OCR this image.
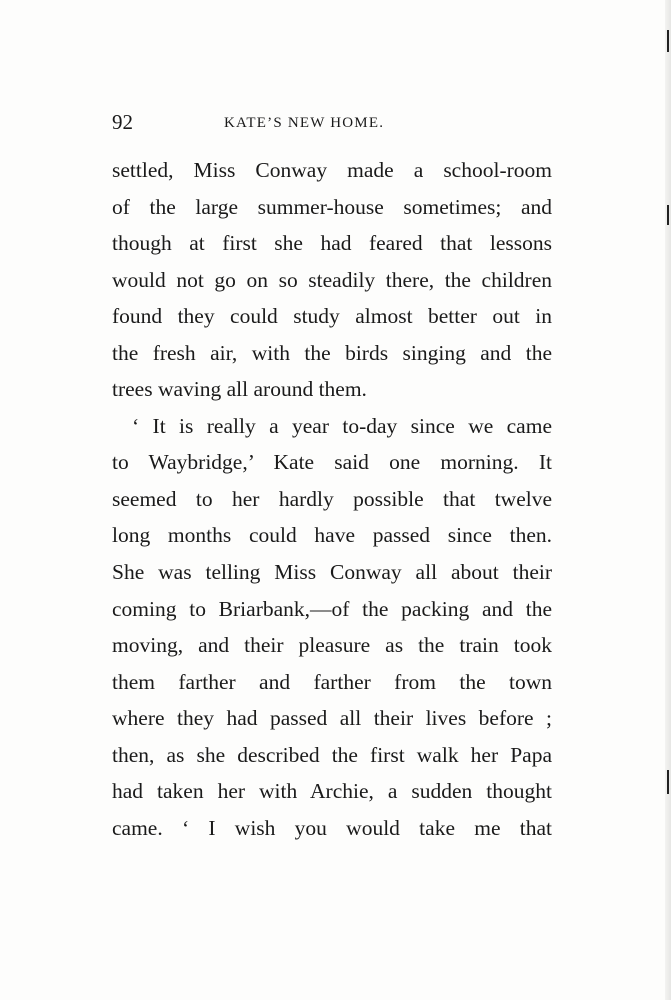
92	KATE’S NEW HOME.
settled, Miss Conway made a school-room
of the large summer-house sometimes; and
though at first she had feared that lessons
would not go on so steadily there, the children
found they could study almost better out in
the fresh air, with the birds singing and the
trees waving all around them.
‘ It is really a year to-day since we came
to Waybridge,’ Kate said one morning. It
seemed to her hardly possible that twelve
long months could have passed since then.
She was telling Miss Conway all about their
coming to Briarbank,—of the packing and the
moving, and their pleasure as the train took
them farther and farther from the town
where they had passed all their lives before ;
then, as she described the first walk her Papa
had taken her with Archie, a sudden thought
came. ‘ I wish you would take me that
